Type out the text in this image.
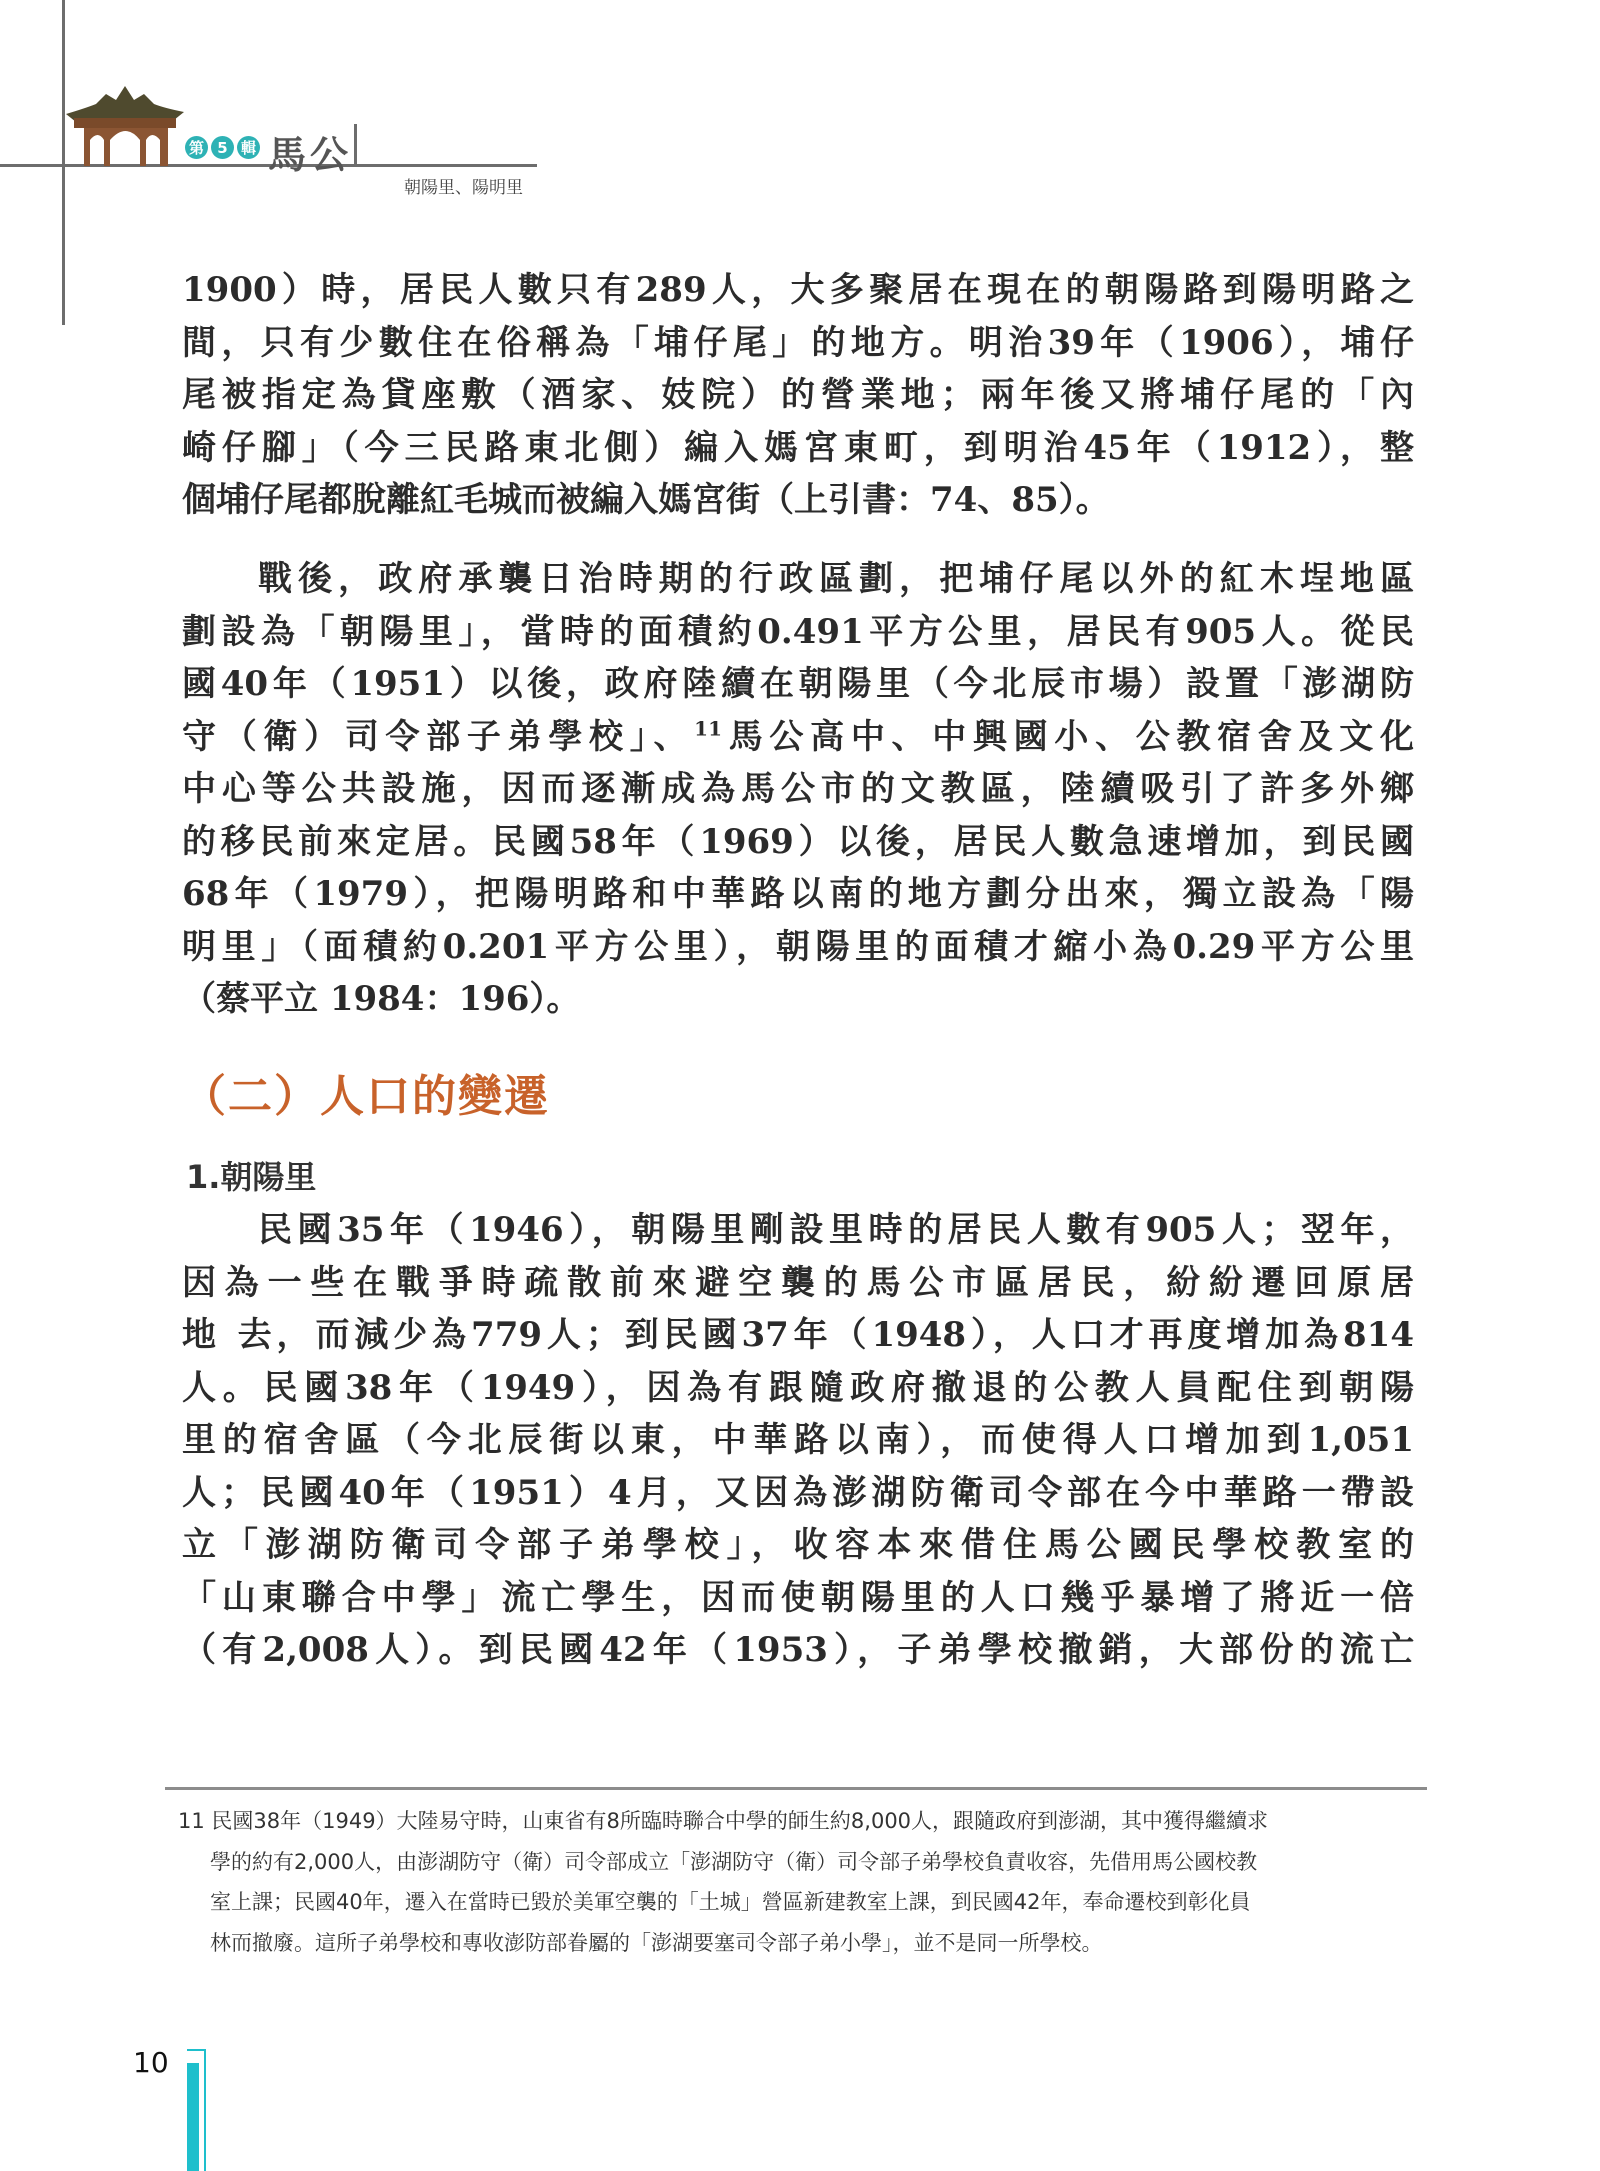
第 5 輯 馬公
朝陽里、陽明里
1900）時，居民人數只有289人，大多聚居在現在的朝陽路到陽明路之
間，只有少數住在俗稱為「埔仔尾」的地方。明治39年（1906），埔仔
尾被指定為貸座敷（酒家、妓院）的營業地；兩年後又將埔仔尾的「內
崎仔腳」（今三民路東北側）編入媽宮東町，到明治45年（1912），整
個埔仔尾都脫離紅毛城而被編入媽宮街（上引書：74、85）。
戰後，政府承襲日治時期的行政區劃，把埔仔尾以外的紅木埕地區
劃設為「朝陽里」，當時的面積約0.491平方公里，居民有905人。從民
國40年（1951）以後，政府陸續在朝陽里（今北辰市場）設置「澎湖防
守（衛）司令部子弟學校」、$^{11}$馬公高中、中興國小、公教宿舍及文化
中心等公共設施，因而逐漸成為馬公市的文教區，陸續吸引了許多外鄉
的移民前來定居。民國58年（1969）以後，居民人數急速增加，到民國
68年（1979），把陽明路和中華路以南的地方劃分出來，獨立設為「陽
明里」（面積約0.201平方公里），朝陽里的面積才縮小為0.29平方公里
（蔡平立 1984：196）。
（二）人口的變遷
1.朝陽里
民國35年（1946），朝陽里剛設里時的居民人數有905人；翌年，
因為一些在戰爭時疏散前來避空襲的馬公市區居民，紛紛遷回原居
地 去，而減少為779人；到民國37年（1948），人口才再度增加為814
人。民國38年（1949），因為有跟隨政府撤退的公教人員配住到朝陽
里的宿舍區（今北辰街以東，中華路以南），而使得人口增加到1,051
人；民國40年（1951）4月，又因為澎湖防衛司令部在今中華路一帶設
立「澎湖防衛司令部子弟學校」，收容本來借住馬公國民學校教室的
「山東聯合中學」流亡學生，因而使朝陽里的人口幾乎暴增了將近一倍
（有2,008人）。到民國42年（1953），子弟學校撤銷，大部份的流亡
11 民國38年（1949）大陸易守時，山東省有8所臨時聯合中學的師生約8,000人，跟隨政府到澎湖，其中獲得繼續求
學的約有2,000人，由澎湖防守（衛）司令部成立「澎湖防守（衛）司令部子弟學校負責收容，先借用馬公國校教
室上課；民國40年，遷入在當時已毀於美軍空襲的「土城」營區新建教室上課，到民國42年，奉命遷校到彰化員
林而撤廢。這所子弟學校和專收澎防部眷屬的「澎湖要塞司令部子弟小學」，並不是同一所學校。
10
